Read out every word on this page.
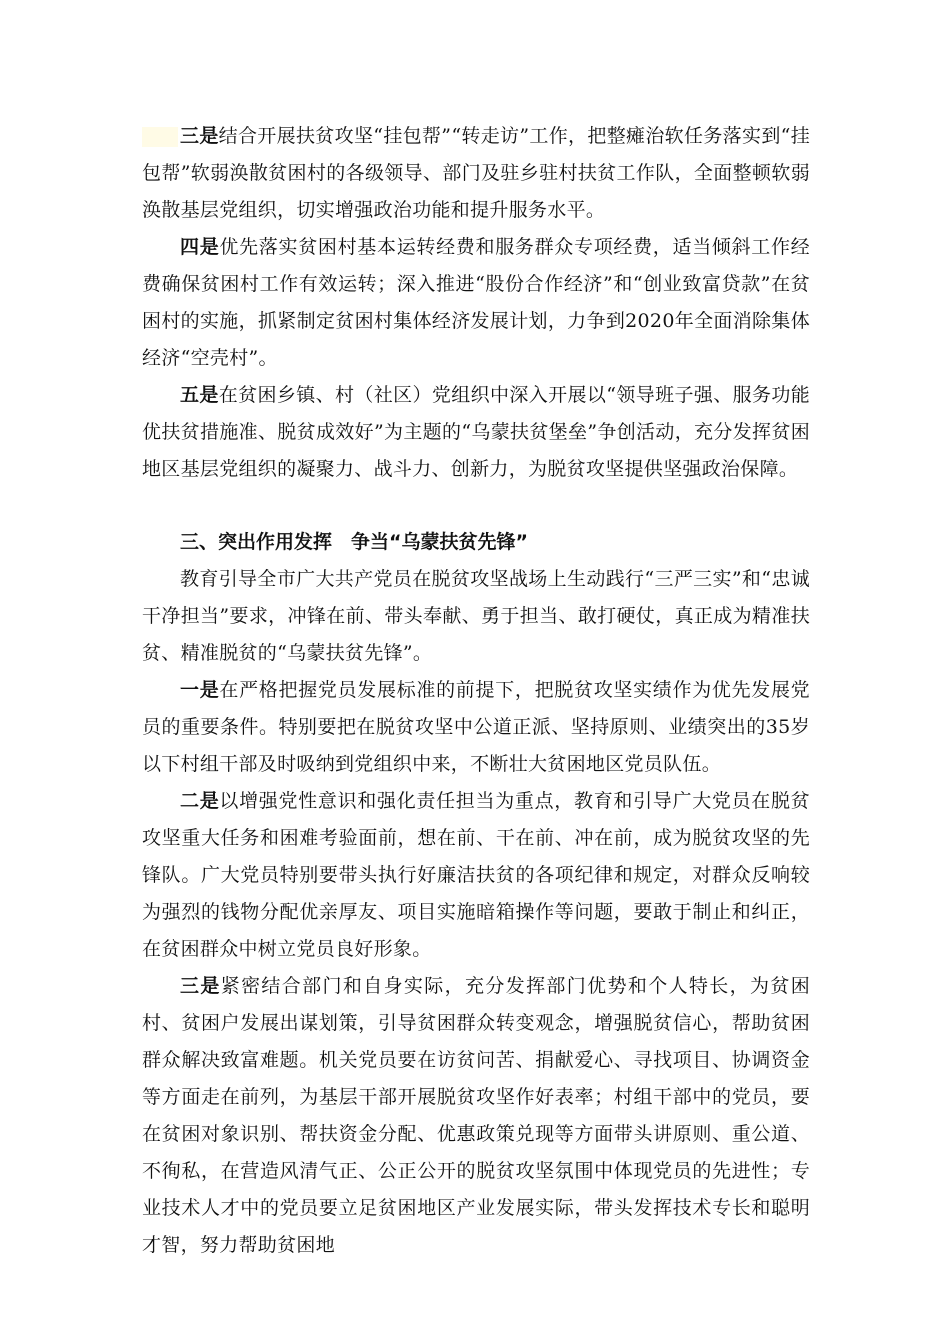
三是结合开展扶贫攻坚“挂包帮”“转走访”工作，把整瘫治软任务落实到“挂包帮”软弱涣散贫困村的各级领导、部门及驻乡驻村扶贫工作队，全面整顿软弱涣散基层党组织，切实增强政治功能和提升服务水平。

四是优先落实贫困村基本运转经费和服务群众专项经费，适当倾斜工作经费确保贫困村工作有效运转；深入推进“股份合作经济”和“创业致富贷款”在贫困村的实施，抓紧制定贫困村集体经济发展计划，力争到2020年全面消除集体经济“空壳村”。

五是在贫困乡镇、村（社区）党组织中深入开展以“领导班子强、服务功能优扶贫措施准、脱贫成效好”为主题的“乌蒙扶贫堡垒”争创活动，充分发挥贫困地区基层党组织的凝聚力、战斗力、创新力，为脱贫攻坚提供坚强政治保障。

三、突出作用发挥 争当“乌蒙扶贫先锋”

教育引导全市广大共产党员在脱贫攻坚战场上生动践行“三严三实”和“忠诚干净担当”要求，冲锋在前、带头奉献、勇于担当、敢打硬仗，真正成为精准扶贫、精准脱贫的“乌蒙扶贫先锋”。

一是在严格把握党员发展标准的前提下，把脱贫攻坚实绩作为优先发展党员的重要条件。特别要把在脱贫攻坚中公道正派、坚持原则、业绩突出的35岁以下村组干部及时吸纳到党组织中来，不断壮大贫困地区党员队伍。

二是以增强党性意识和强化责任担当为重点，教育和引导广大党员在脱贫攻坚重大任务和困难考验面前，想在前、干在前、冲在前，成为脱贫攻坚的先锋队。广大党员特别要带头执行好廉洁扶贫的各项纪律和规定，对群众反响较为强烈的钱物分配优亲厚友、项目实施暗箱操作等问题，要敢于制止和纠正，在贫困群众中树立党员良好形象。

三是紧密结合部门和自身实际，充分发挥部门优势和个人特长，为贫困村、贫困户发展出谋划策，引导贫困群众转变观念，增强脱贫信心，帮助贫困群众解决致富难题。机关党员要在访贫问苦、捐献爱心、寻找项目、协调资金等方面走在前列，为基层干部开展脱贫攻坚作好表率；村组干部中的党员，要在贫困对象识别、帮扶资金分配、优惠政策兑现等方面带头讲原则、重公道、不徇私，在营造风清气正、公正公开的脱贫攻坚氛围中体现党员的先进性；专业技术人才中的党员要立足贫困地区产业发展实际，带头发挥技术专长和聪明才智，努力帮助贫困地
